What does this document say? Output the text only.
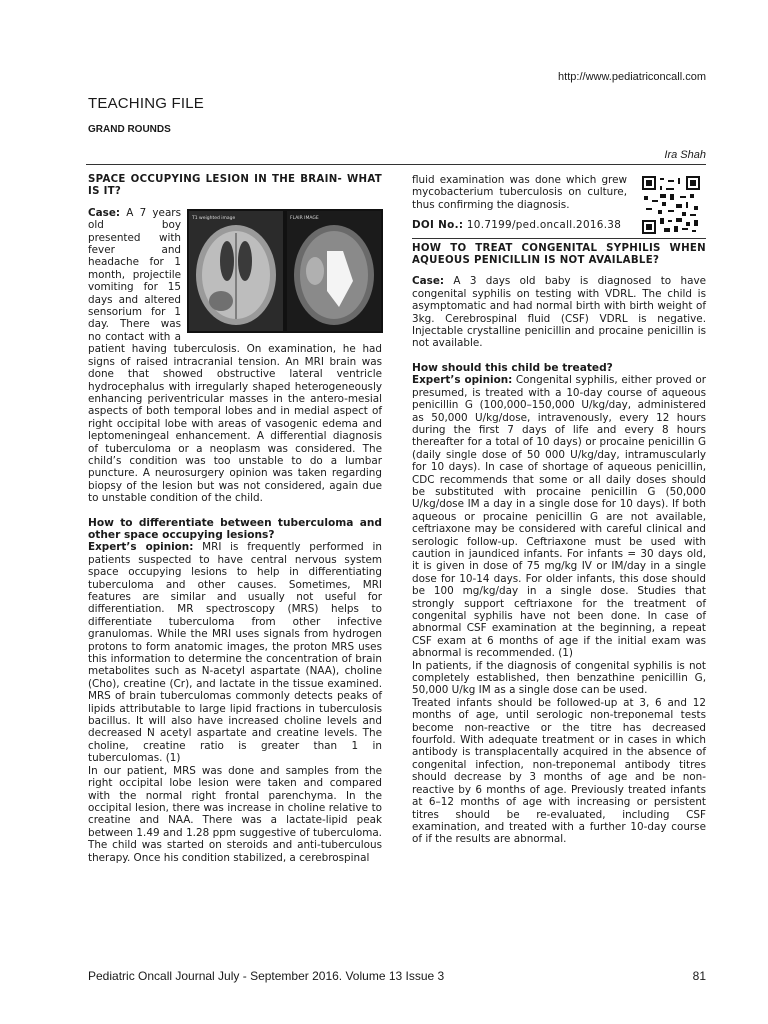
http://www.pediatriconcall.com
TEACHING FILE
GRAND ROUNDS
Ira Shah
SPACE OCCUPYING LESION IN THE BRAIN- WHAT IS IT?
T1 weighted image	FLAIR IMAGE

Case: A 7 years old boy presented with fever and headache for 1 month, projectile vomiting for 15 days and altered sensorium for 1 day. There was no contact with a patient having tuberculosis. On examination, he had signs of raised intracranial tension. An MRI brain was done that showed obstructive lateral ventricle hydrocephalus with irregularly shaped heterogeneously enhancing periventricular masses in the antero-mesial aspects of both temporal lobes and in medial aspect of right occipital lobe with areas of vasogenic edema and leptomeningeal enhancement. A differential diagnosis of tuberculoma or a neoplasm was considered. The child’s condition was too unstable to do a lumbar puncture. A neurosurgery opinion was taken regarding biopsy of the lesion but was not considered, again due to unstable condition of the child.

How to differentiate between tuberculoma and other space occupying lesions?

Expert’s opinion: MRI is frequently performed in patients suspected to have central nervous system space occupying lesions to help in differentiating tuberculoma and other causes. Sometimes, MRI features are similar and usually not useful for differentiation. MR spectroscopy (MRS) helps to differentiate tuberculoma from other infective granulomas. While the MRI uses signals from hydrogen protons to form anatomic images, the proton MRS uses this information to determine the concentration of brain metabolites such as N-acetyl aspartate (NAA), choline (Cho), creatine (Cr), and lactate in the tissue examined. MRS of brain tuberculomas commonly detects peaks of lipids attributable to large lipid fractions in tuberculosis bacillus. It will also have increased choline levels and decreased N acetyl aspartate and creatine levels. The choline, creatine ratio is greater than 1 in tuberculomas. (1)

In our patient, MRS was done and samples from the right occipital lobe lesion were taken and compared with the normal right frontal parenchyma. In the occipital lesion, there was increase in choline relative to creatine and NAA. There was a lactate-lipid peak between 1.49 and 1.28 ppm suggestive of tuberculoma. The child was started on steroids and anti-tuberculous therapy. Once his condition stabilized, a cerebrospinal

fluid examination was done which grew mycobacterium tuberculosis on culture, thus confirming the diagnosis.

DOI No.: 10.7199/ped.oncall.2016.38

HOW TO TREAT CONGENITAL SYPHILIS WHEN AQUEOUS PENICILLIN IS NOT AVAILABLE?

Case: A 3 days old baby is diagnosed to have congenital syphilis on testing with VDRL. The child is asymptomatic and had normal birth with birth weight of 3kg. Cerebrospinal fluid (CSF) VDRL is negative. Injectable crystalline penicillin and procaine penicillin is not available.

How should this child be treated?

Expert’s opinion: Congenital syphilis, either proved or presumed, is treated with a 10-day course of aqueous penicillin G (100,000–150,000 U/kg/day, administered as 50,000 U/kg/dose, intravenously, every 12 hours during the first 7 days of life and every 8 hours thereafter for a total of 10 days) or procaine penicillin G (daily single dose of 50 000 U/kg/day, intramuscularly for 10 days). In case of shortage of aqueous penicillin, CDC recommends that some or all daily doses should be substituted with procaine penicillin G (50,000 U/kg/dose IM a day in a single dose for 10 days). If both aqueous or procaine penicillin G are not available, ceftriaxone may be considered with careful clinical and serologic follow-up. Ceftriaxone must be used with caution in jaundiced infants. For infants = 30 days old, it is given in dose of 75 mg/kg IV or IM/day in a single dose for 10-14 days. For older infants, this dose should be 100 mg/kg/day in a single dose. Studies that strongly support ceftriaxone for the treatment of congenital syphilis have not been done. In case of abnormal CSF examination at the beginning, a repeat CSF exam at 6 months of age if the initial exam was abnormal is recommended. (1)

In patients, if the diagnosis of congenital syphilis is not completely established, then benzathine penicillin G, 50,000 U/kg IM as a single dose can be used.

Treated infants should be followed-up at 3, 6 and 12 months of age, until serologic non-treponemal tests become non-reactive or the titre has decreased fourfold. With adequate treatment or in cases in which antibody is transplacentally acquired in the absence of congenital infection, non-treponemal antibody titres should decrease by 3 months of age and be non- reactive by 6 months of age. Previously treated infants at 6–12 months of age with increasing or persistent titres should be re-evaluated, including CSF examination, and treated with a further 10-day course of if the results are abnormal.

Pediatric Oncall Journal July - September 2016. Volume 13 Issue 3	81
